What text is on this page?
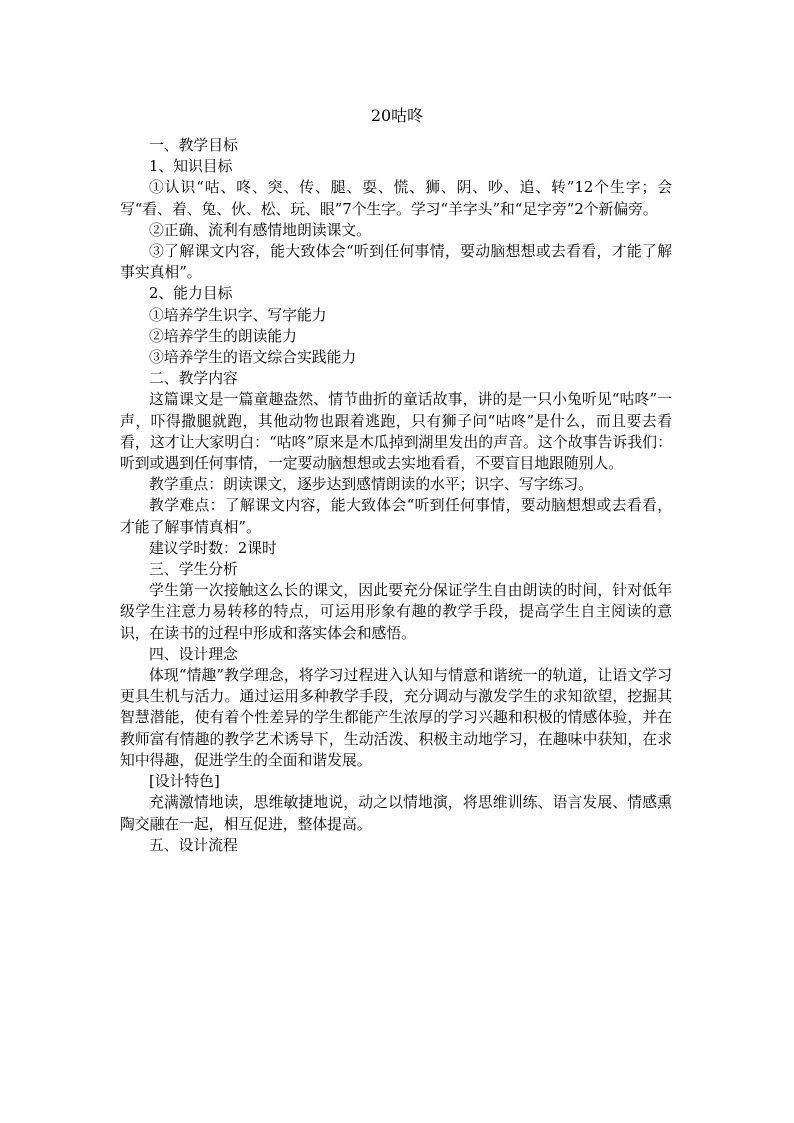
20咕咚

一、教学目标

1、知识目标

①认识“咕、咚、突、传、腿、耍、慌、狮、阴、吵、追、转”12个生字；会写“看、着、兔、伙、松、玩、眼”7个生字。学习“羊字头”和“足字旁”2个新偏旁。

②正确、流利有感情地朗读课文。

③了解课文内容，能大致体会“听到任何事情，要动脑想想或去看看，才能了解事实真相”。

2、能力目标

①培养学生识字、写字能力

②培养学生的朗读能力

③培养学生的语文综合实践能力

二、教学内容

这篇课文是一篇童趣盎然、情节曲折的童话故事，讲的是一只小兔听见“咕咚”一声，吓得撒腿就跑，其他动物也跟着逃跑，只有狮子问“咕咚”是什么，而且要去看看，这才让大家明白：“咕咚”原来是木瓜掉到湖里发出的声音。这个故事告诉我们：听到或遇到任何事情，一定要动脑想想或去实地看看，不要盲目地跟随别人。

教学重点：朗读课文，逐步达到感情朗读的水平；识字、写字练习。

教学难点：了解课文内容，能大致体会“听到任何事情，要动脑想想或去看看，才能了解事情真相”。

建议学时数：2课时

三、学生分析

学生第一次接触这么长的课文，因此要充分保证学生自由朗读的时间，针对低年级学生注意力易转移的特点，可运用形象有趣的教学手段，提高学生自主阅读的意识，在读书的过程中形成和落实体会和感悟。

四、设计理念

体现“情趣”教学理念，将学习过程进入认知与情意和谐统一的轨道，让语文学习更具生机与活力。通过运用多种教学手段，充分调动与激发学生的求知欲望，挖掘其智慧潜能，使有着个性差异的学生都能产生浓厚的学习兴趣和积极的情感体验，并在教师富有情趣的教学艺术诱导下，生动活泼、积极主动地学习，在趣味中获知，在求知中得趣，促进学生的全面和谐发展。

[设计特色]

充满激情地读，思维敏捷地说，动之以情地演，将思维训练、语言发展、情感熏陶交融在一起，相互促进，整体提高。

五、设计流程
